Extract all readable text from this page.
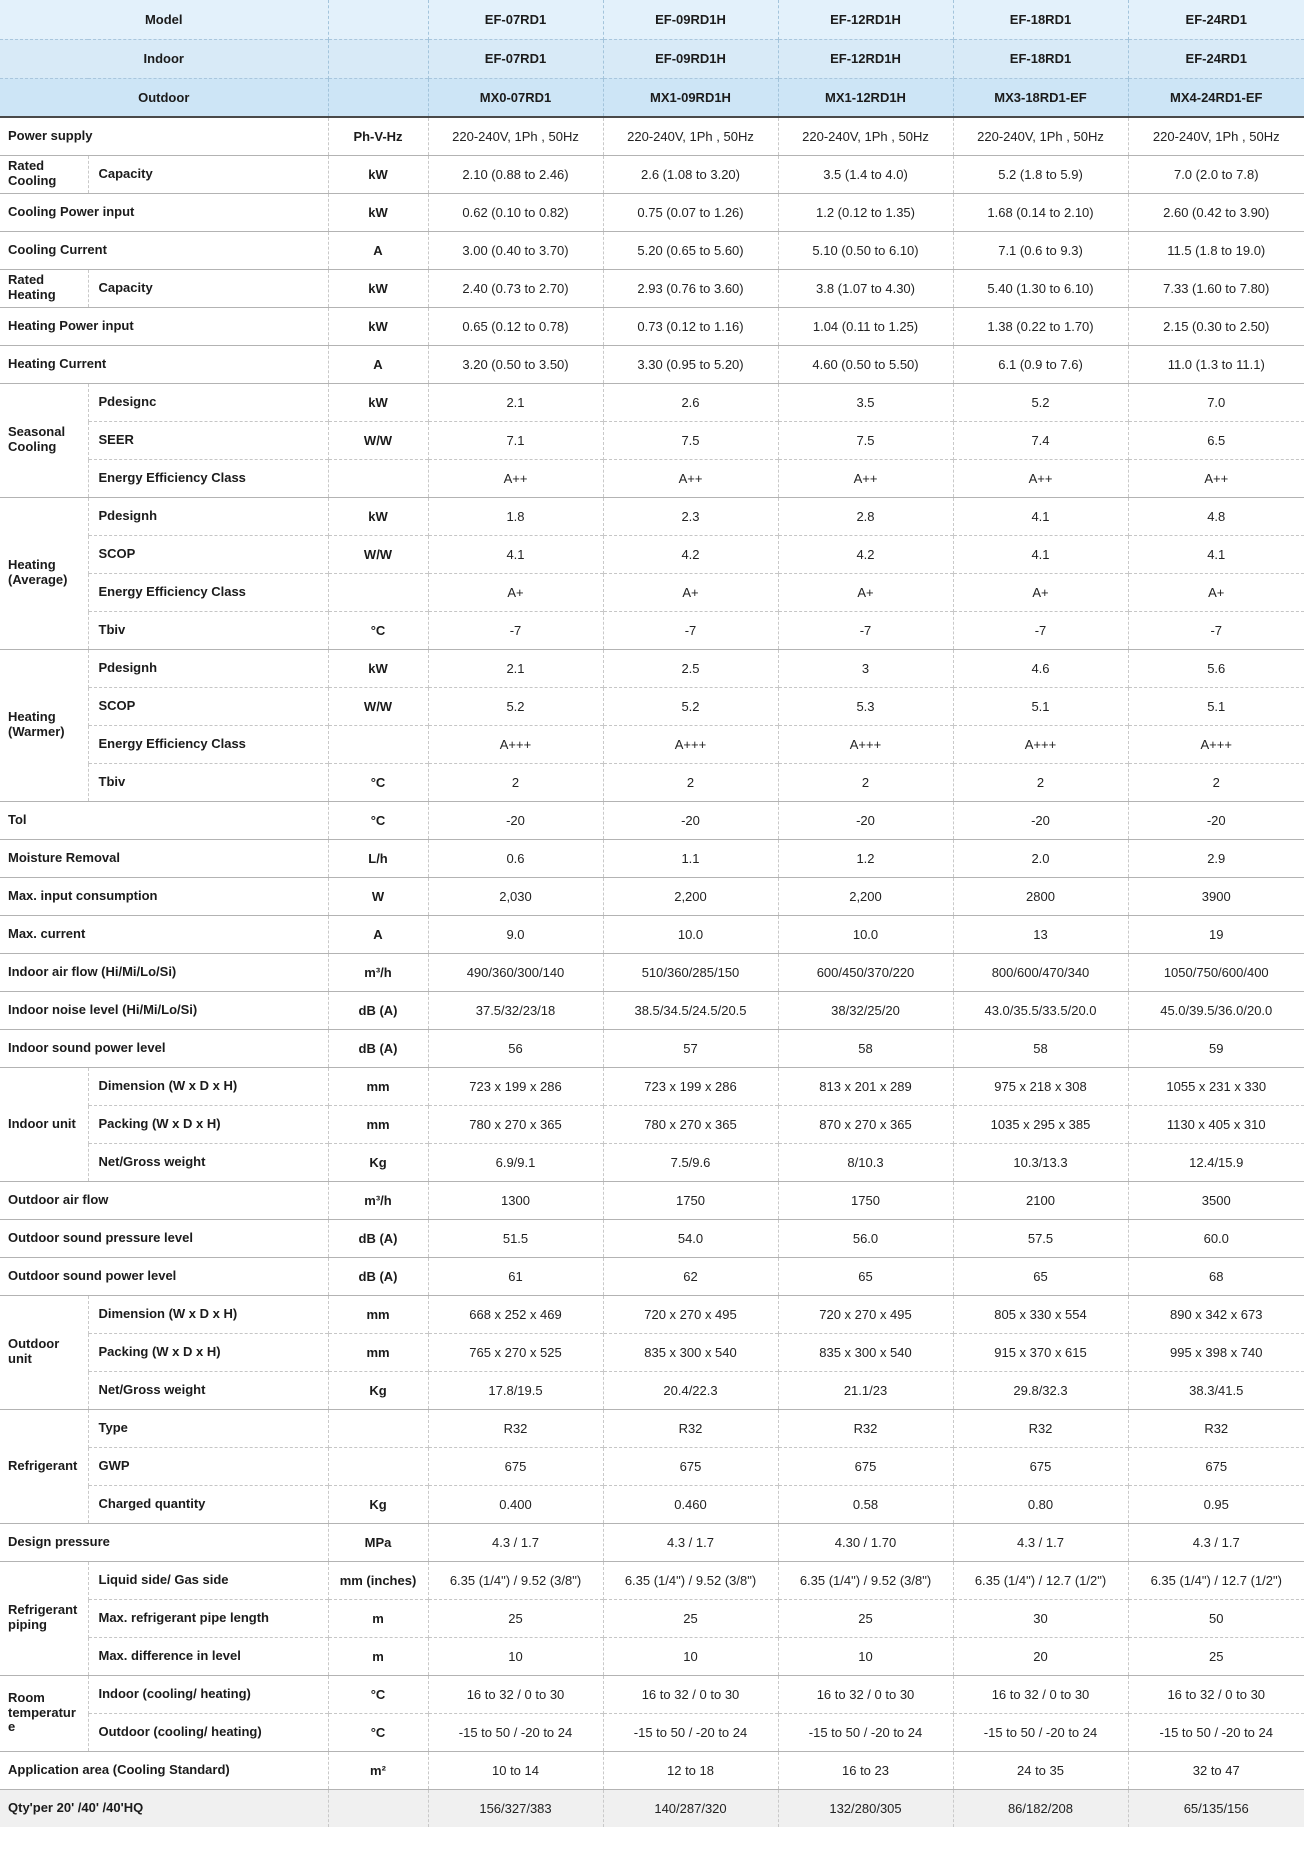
Model			EF-07RD1	EF-09RD1H	EF-12RD1H	EF-18RD1	EF-24RD1
Indoor			EF-07RD1	EF-09RD1H	EF-12RD1H	EF-18RD1	EF-24RD1
Outdoor			MX0-07RD1	MX1-09RD1H	MX1-12RD1H	MX3-18RD1-EF	MX4-24RD1-EF
Power supply		Ph-V-Hz	220-240V, 1Ph , 50Hz	220-240V, 1Ph , 50Hz	220-240V, 1Ph , 50Hz	220-240V, 1Ph , 50Hz	220-240V, 1Ph , 50Hz
Rated Cooling	Capacity	kW	2.10 (0.88 to 2.46)	2.6 (1.08 to 3.20)	3.5 (1.4 to 4.0)	5.2 (1.8 to 5.9)	7.0 (2.0 to 7.8)
Cooling Power input		kW	0.62 (0.10 to 0.82)	0.75 (0.07 to 1.26)	1.2 (0.12 to 1.35)	1.68 (0.14 to 2.10)	2.60 (0.42 to 3.90)
Cooling Current		A	3.00 (0.40 to 3.70)	5.20 (0.65 to 5.60)	5.10 (0.50 to 6.10)	7.1 (0.6 to 9.3)	11.5 (1.8 to 19.0)
Rated Heating	Capacity	kW	2.40 (0.73 to 2.70)	2.93 (0.76 to 3.60)	3.8 (1.07 to 4.30)	5.40 (1.30 to 6.10)	7.33 (1.60 to 7.80)
Heating Power input		kW	0.65 (0.12 to 0.78)	0.73 (0.12 to 1.16)	1.04 (0.11 to 1.25)	1.38 (0.22 to 1.70)	2.15 (0.30 to 2.50)
Heating Current		A	3.20 (0.50 to 3.50)	3.30 (0.95 to 5.20)	4.60 (0.50 to 5.50)	6.1 (0.9 to 7.6)	11.0 (1.3 to 11.1)
Seasonal Cooling	Pdesignc	kW	2.1	2.6	3.5	5.2	7.0
	SEER	W/W	7.1	7.5	7.5	7.4	6.5
	Energy Efficiency Class		A++	A++	A++	A++	A++
Heating (Average)	Pdesignh	kW	1.8	2.3	2.8	4.1	4.8
	SCOP	W/W	4.1	4.2	4.2	4.1	4.1
	Energy Efficiency Class		A+	A+	A+	A+	A+
	Tbiv	°C	-7	-7	-7	-7	-7
Heating (Warmer)	Pdesignh	kW	2.1	2.5	3	4.6	5.6
	SCOP	W/W	5.2	5.2	5.3	5.1	5.1
	Energy Efficiency Class		A+++	A+++	A+++	A+++	A+++
	Tbiv	°C	2	2	2	2	2
Tol		°C	-20	-20	-20	-20	-20
Moisture Removal		L/h	0.6	1.1	1.2	2.0	2.9
Max. input consumption		W	2,030	2,200	2,200	2800	3900
Max. current		A	9.0	10.0	10.0	13	19
Indoor air flow (Hi/Mi/Lo/Si)		m³/h	490/360/300/140	510/360/285/150	600/450/370/220	800/600/470/340	1050/750/600/400
Indoor noise level (Hi/Mi/Lo/Si)		dB (A)	37.5/32/23/18	38.5/34.5/24.5/20.5	38/32/25/20	43.0/35.5/33.5/20.0	45.0/39.5/36.0/20.0
Indoor sound power level		dB (A)	56	57	58	58	59
Indoor unit	Dimension (W x D x H)	mm	723 x 199 x 286	723 x 199 x 286	813 x 201 x 289	975 x 218 x 308	1055 x 231 x 330
	Packing (W x D x H)	mm	780 x 270 x 365	780 x 270 x 365	870 x 270 x 365	1035 x 295 x 385	1130 x 405 x 310
	Net/Gross weight	Kg	6.9/9.1	7.5/9.6	8/10.3	10.3/13.3	12.4/15.9
Outdoor air flow		m³/h	1300	1750	1750	2100	3500
Outdoor sound pressure level		dB (A)	51.5	54.0	56.0	57.5	60.0
Outdoor sound power level		dB (A)	61	62	65	65	68
Outdoor unit	Dimension (W x D x H)	mm	668 x 252 x 469	720 x 270 x 495	720 x 270 x 495	805 x 330 x 554	890 x 342 x 673
	Packing (W x D x H)	mm	765 x 270 x 525	835 x 300 x 540	835 x 300 x 540	915 x 370 x 615	995 x 398 x 740
	Net/Gross weight	Kg	17.8/19.5	20.4/22.3	21.1/23	29.8/32.3	38.3/41.5
Refrigerant	Type		R32	R32	R32	R32	R32
	GWP		675	675	675	675	675
	Charged quantity	Kg	0.400	0.460	0.58	0.80	0.95
Design pressure		MPa	4.3 / 1.7	4.3 / 1.7	4.30 / 1.70	4.3 / 1.7	4.3 / 1.7
Refrigerant piping	Liquid side/ Gas side	mm (inches)	6.35 (1/4") / 9.52 (3/8")	6.35 (1/4") / 9.52 (3/8")	6.35 (1/4") / 9.52 (3/8")	6.35 (1/4") / 12.7 (1/2")	6.35 (1/4") / 12.7 (1/2")
	Max. refrigerant pipe length	m	25	25	25	30	50
	Max. difference in level	m	10	10	10	20	25
Room temperature	Indoor (cooling/ heating)	°C	16 to 32 / 0 to 30	16 to 32 / 0 to 30	16 to 32 / 0 to 30	16 to 32 / 0 to 30	16 to 32 / 0 to 30
	Outdoor (cooling/ heating)	°C	-15 to 50 / -20 to 24	-15 to 50 / -20 to 24	-15 to 50 / -20 to 24	-15 to 50 / -20 to 24	-15 to 50 / -20 to 24
Application area (Cooling Standard)		m²	10 to 14	12 to 18	16 to 23	24 to 35	32 to 47
Qty'per 20' /40' /40'HQ			156/327/383	140/287/320	132/280/305	86/182/208	65/135/156
